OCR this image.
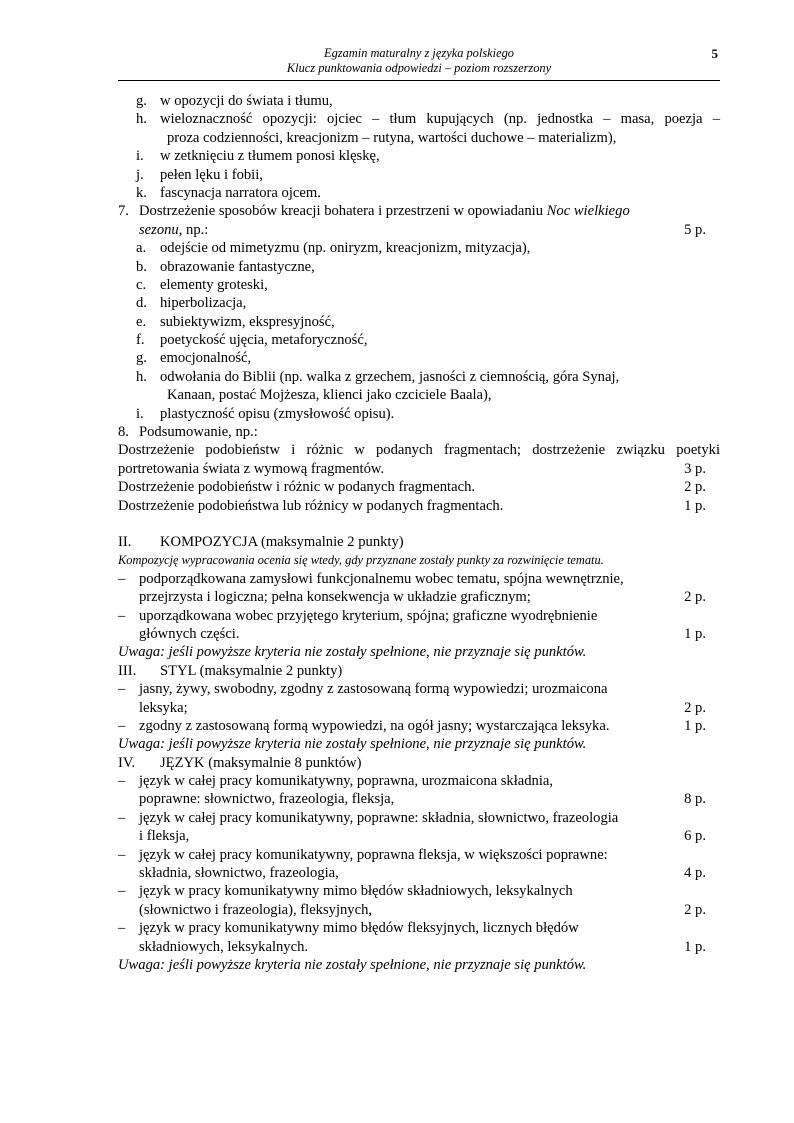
Egzamin maturalny z języka polskiego
Klucz punktowania odpowiedzi – poziom rozszerzony
5
g. w opozycji do świata i tłumu,
h. wieloznaczność opozycji: ojciec – tłum kupujących (np. jednostka – masa, poezja –
proza codzienności, kreacjonizm – rutyna, wartości duchowe – materializm),
i. w zetknięciu z tłumem ponosi klęskę,
j. pełen lęku i fobii,
k. fascynacja narratora ojcem.
7. Dostrzeżenie sposobów kreacji bohatera i przestrzeni w opowiadaniu Noc wielkiego
sezonu, np.:	5 p.
a. odejście od mimetyzmu (np. oniryzm, kreacjonizm, mityzacja),
b. obrazowanie fantastyczne,
c. elementy groteski,
d. hiperbolizacja,
e. subiektywizm, ekspresyjność,
f. poetyckość ujęcia, metaforyczność,
g. emocjonalność,
h. odwołania do Biblii (np. walka z grzechem, jasności z ciemnością, góra Synaj,
Kanaan, postać Mojżesza, klienci jako czciciele Baala),
i. plastyczność opisu (zmysłowość opisu).
8. Podsumowanie, np.:
Dostrzeżenie podobieństw i różnic w podanych fragmentach; dostrzeżenie związku poetyki
portretowania świata z wymową fragmentów.	3 p.
Dostrzeżenie podobieństw i różnic w podanych fragmentach.	2 p.
Dostrzeżenie podobieństwa lub różnicy w podanych fragmentach.	1 p.
II. KOMPOZYCJA (maksymalnie 2 punkty)
Kompozycję wypracowania ocenia się wtedy, gdy przyznane zostały punkty za rozwinięcie tematu.
– podporządkowana zamysłowi funkcjonalnemu wobec tematu, spójna wewnętrznie,
przejrzysta i logiczna; pełna konsekwencja w układzie graficznym;	2 p.
– uporządkowana wobec przyjętego kryterium, spójna; graficzne wyodrębnienie
głównych części.	1 p.
Uwaga: jeśli powyższe kryteria nie zostały spełnione, nie przyznaje się punktów.
III. STYL (maksymalnie 2 punkty)
– jasny, żywy, swobodny, zgodny z zastosowaną formą wypowiedzi; urozmaicona
leksyka;	2 p.
– zgodny z zastosowaną formą wypowiedzi, na ogół jasny; wystarczająca leksyka.	1 p.
Uwaga: jeśli powyższe kryteria nie zostały spełnione, nie przyznaje się punktów.
IV. JĘZYK (maksymalnie 8 punktów)
– język w całej pracy komunikatywny, poprawna, urozmaicona składnia,
poprawne: słownictwo, frazeologia, fleksja,	8 p.
– język w całej pracy komunikatywny, poprawne: składnia, słownictwo, frazeologia
i fleksja,	6 p.
– język w całej pracy komunikatywny, poprawna fleksja, w większości poprawne:
składnia, słownictwo, frazeologia,	4 p.
– język w pracy komunikatywny mimo błędów składniowych, leksykalnych
(słownictwo i frazeologia), fleksyjnych,	2 p.
– język w pracy komunikatywny mimo błędów fleksyjnych, licznych błędów
składniowych, leksykalnych.	1 p.
Uwaga: jeśli powyższe kryteria nie zostały spełnione, nie przyznaje się punktów.
